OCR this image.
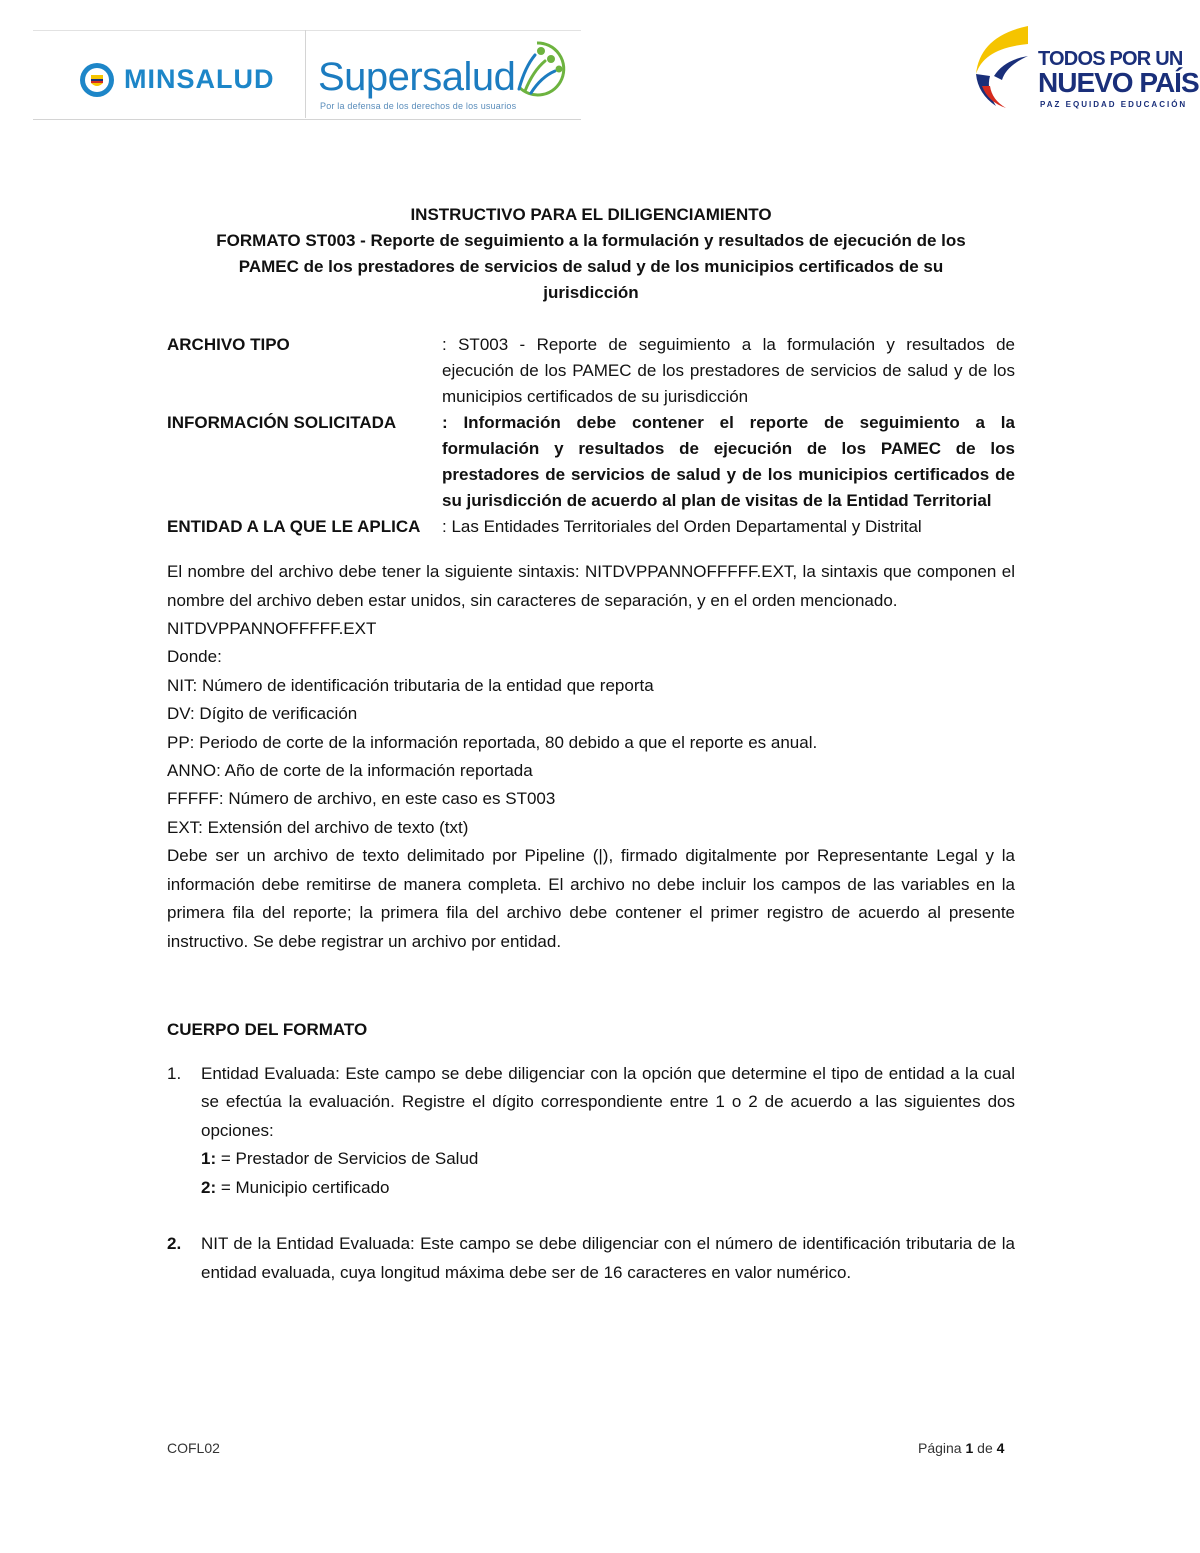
MINSALUD Supersalud
Por la defensa de los derechos de los usuarios
TODOS POR UN
NUEVO PAÍS
PAZ EQUIDAD EDUCACIÓN

INSTRUCTIVO PARA EL DILIGENCIAMIENTO

FORMATO ST003 - Reporte de seguimiento a la formulación y resultados de ejecución de los

PAMEC de los prestadores de servicios de salud y de los municipios certificados de su

jurisdicción

ARCHIVO TIPO	: ST003 - Reporte de seguimiento a la formulación y resultados de ejecución de los PAMEC de los prestadores de servicios de salud y de los municipios certificados de su jurisdicción
INFORMACIÓN SOLICITADA	: Información debe contener el reporte de seguimiento a la formulación y resultados de ejecución de los PAMEC de los prestadores de servicios de salud y de los municipios certificados de su jurisdicción de acuerdo al plan de visitas de la Entidad Territorial
ENTIDAD A LA QUE LE APLICA	: Las Entidades Territoriales del Orden Departamental y Distrital

El nombre del archivo debe tener la siguiente sintaxis: NITDVPPANNOFFFFF.EXT, la sintaxis que componen el nombre del archivo deben estar unidos, sin caracteres de separación, y en el orden mencionado.

NITDVPPANNOFFFFF.EXT
Donde:
NIT: Número de identificación tributaria de la entidad que reporta
DV: Dígito de verificación
PP: Periodo de corte de la información reportada, 80 debido a que el reporte es anual.
ANNO: Año de corte de la información reportada
FFFFF: Número de archivo, en este caso es ST003
EXT: Extensión del archivo de texto (txt)

Debe ser un archivo de texto delimitado por Pipeline (|), firmado digitalmente por Representante Legal y la información debe remitirse de manera completa. El archivo no debe incluir los campos de las variables en la primera fila del reporte; la primera fila del archivo debe contener el primer registro de acuerdo al presente instructivo. Se debe registrar un archivo por entidad.

CUERPO DEL FORMATO
1.	Entidad Evaluada: Este campo se debe diligenciar con la opción que determine el tipo de entidad a la cual se efectúa la evaluación. Registre el dígito correspondiente entre 1 o 2 de acuerdo a las siguientes dos opciones:
1: = Prestador de Servicios de Salud
2: = Municipio certificado
2.	NIT de la Entidad Evaluada: Este campo se debe diligenciar con el número de identificación tributaria de la entidad evaluada, cuya longitud máxima debe ser de 16 caracteres en valor numérico.
COFL02	Página 1 de 4
